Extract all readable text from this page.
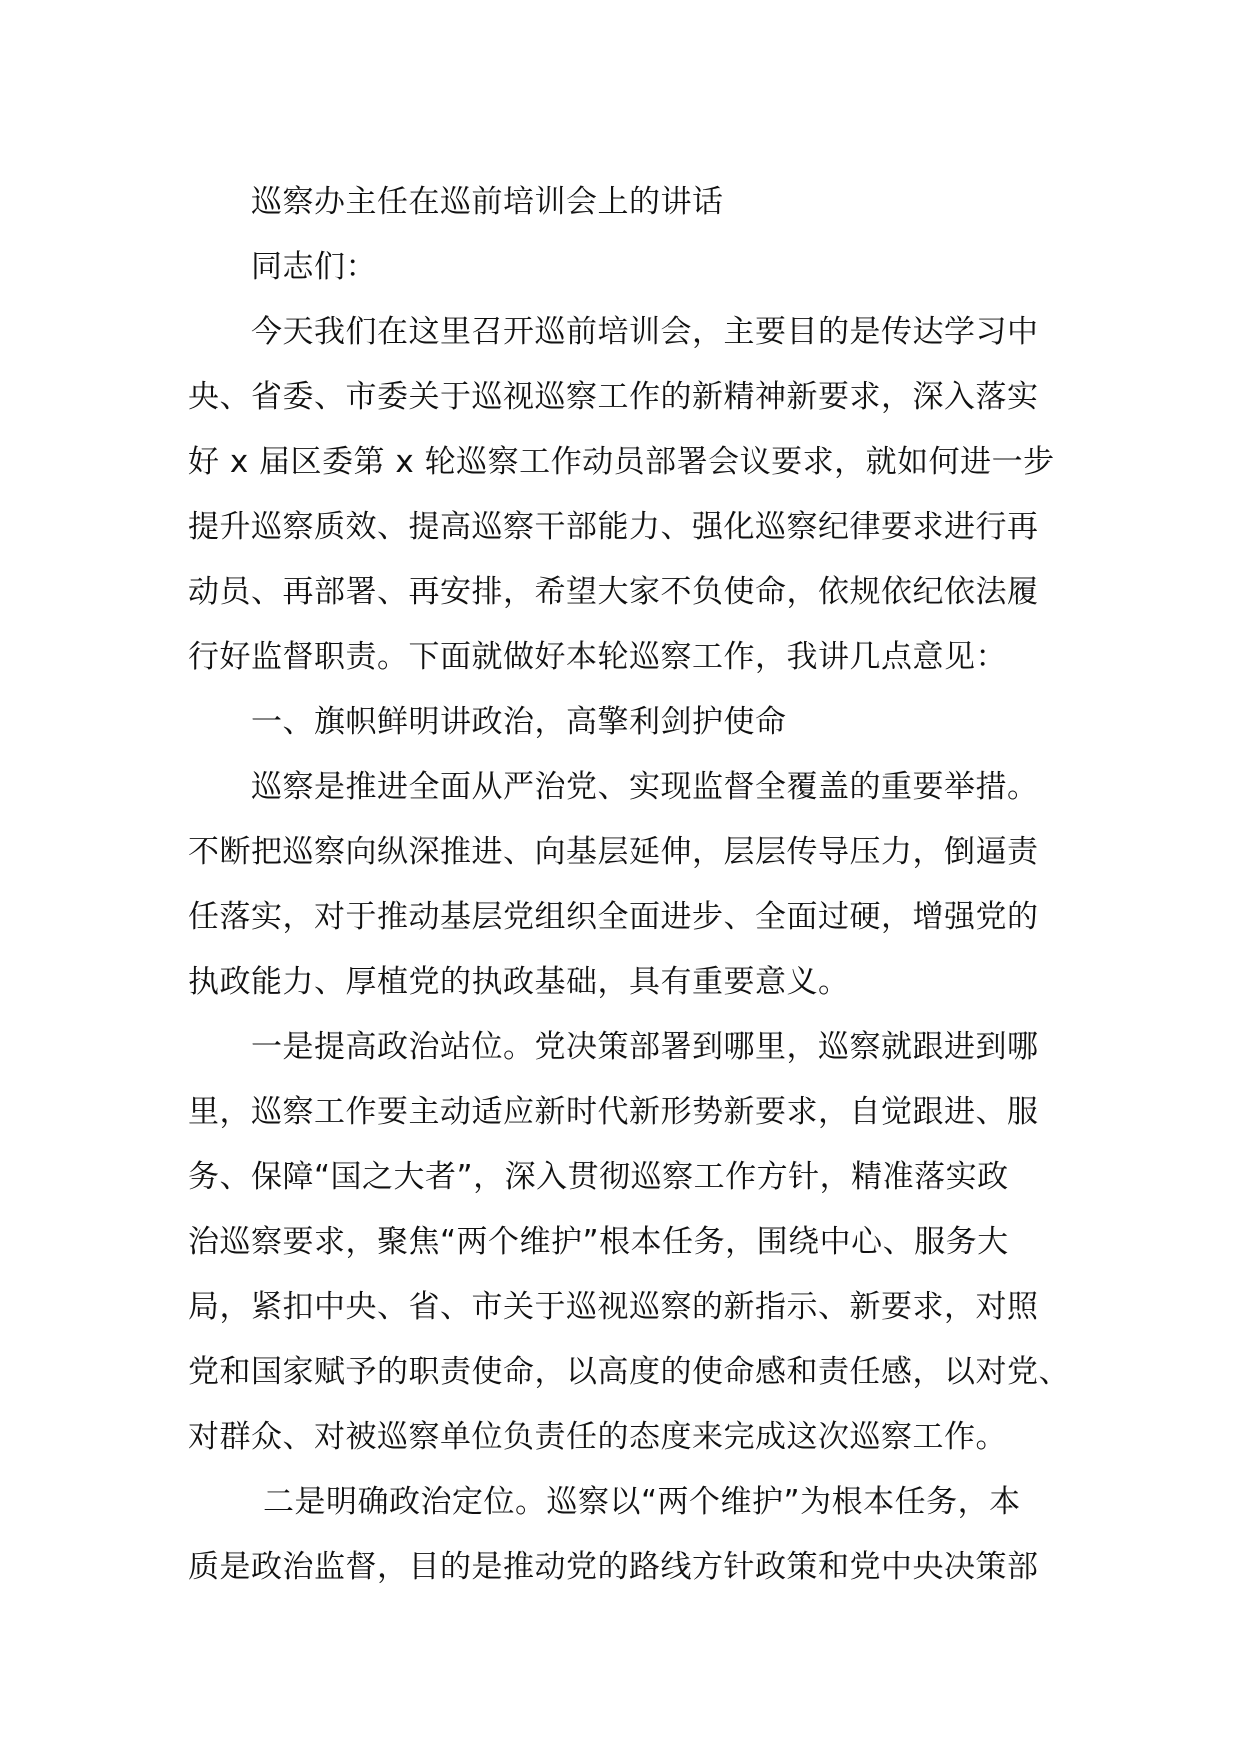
巡察办主任在巡前培训会上的讲话
同志们：
今天我们在这里召开巡前培训会，主要目的是传达学习中
央、省委、市委关于巡视巡察工作的新精神新要求，深入落实
好 x 届区委第 x 轮巡察工作动员部署会议要求，就如何进一步
提升巡察质效、提高巡察干部能力、强化巡察纪律要求进行再
动员、再部署、再安排，希望大家不负使命，依规依纪依法履
行好监督职责。下面就做好本轮巡察工作，我讲几点意见：
一、旗帜鲜明讲政治，高擎利剑护使命
巡察是推进全面从严治党、实现监督全覆盖的重要举措。
不断把巡察向纵深推进、向基层延伸，层层传导压力，倒逼责
任落实，对于推动基层党组织全面进步、全面过硬，增强党的
执政能力、厚植党的执政基础，具有重要意义。
一是提高政治站位。党决策部署到哪里，巡察就跟进到哪
里，巡察工作要主动适应新时代新形势新要求，自觉跟进、服
务、保障“国之大者”，深入贯彻巡察工作方针，精准落实政
治巡察要求，聚焦“两个维护”根本任务，围绕中心、服务大
局，紧扣中央、省、市关于巡视巡察的新指示、新要求，对照
党和国家赋予的职责使命，以高度的使命感和责任感，以对党、
对群众、对被巡察单位负责任的态度来完成这次巡察工作。
二是明确政治定位。巡察以“两个维护”为根本任务，本
质是政治监督，目的是推动党的路线方针政策和党中央决策部
